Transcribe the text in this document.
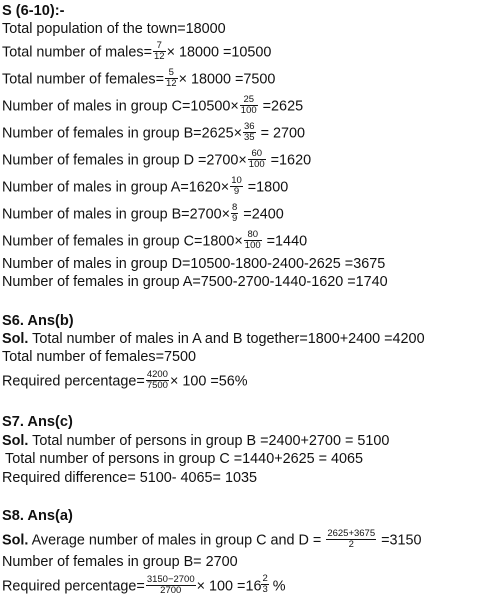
S (6-10):-
Total population of the town=18000
Total number of males= $\frac{7}{12} \times 18000 =10500$
Total number of females= $\frac{5}{12} \times 18000 =7500$
Number of males in group $C=10500\times \frac{25}{100} =2625$
Number of females in group $B=2625\times \frac{36}{35} = 2700$
Number of females in group $D =2700\times \frac{60}{100} =1620$
Number of males in group $A=1620\times \frac{10}{9} =1800$
Number of males in group $B=2700\times \frac{8}{9} =2400$
Number of females in group $C=1800\times \frac{80}{100} =1440$
Number of males in group D=10500-1800-2400-2625 =3675
Number of females in group A=7500-2700-1440-1620 =1740
S6. Ans(b)
Sol. Total number of males in A and B together=1800+2400 =4200
Total number of females=7500
Required percentage= $\frac{4200}{7500} \times 100 =56\%$
S7. Ans(c)
Sol. Total number of persons in group B =2400+2700 = 5100
Total number of persons in group C =1440+2625 = 4065
Required difference= 5100- 4065= 1035
S8. Ans(a)
Sol. Average number of males in group C and $D = \frac{2625+3675}{2} =3150$
Number of females in group B= 2700
Required percentage= $\frac{3150-2700}{2700} \times 100 =16 \frac{2}{3}$ %
